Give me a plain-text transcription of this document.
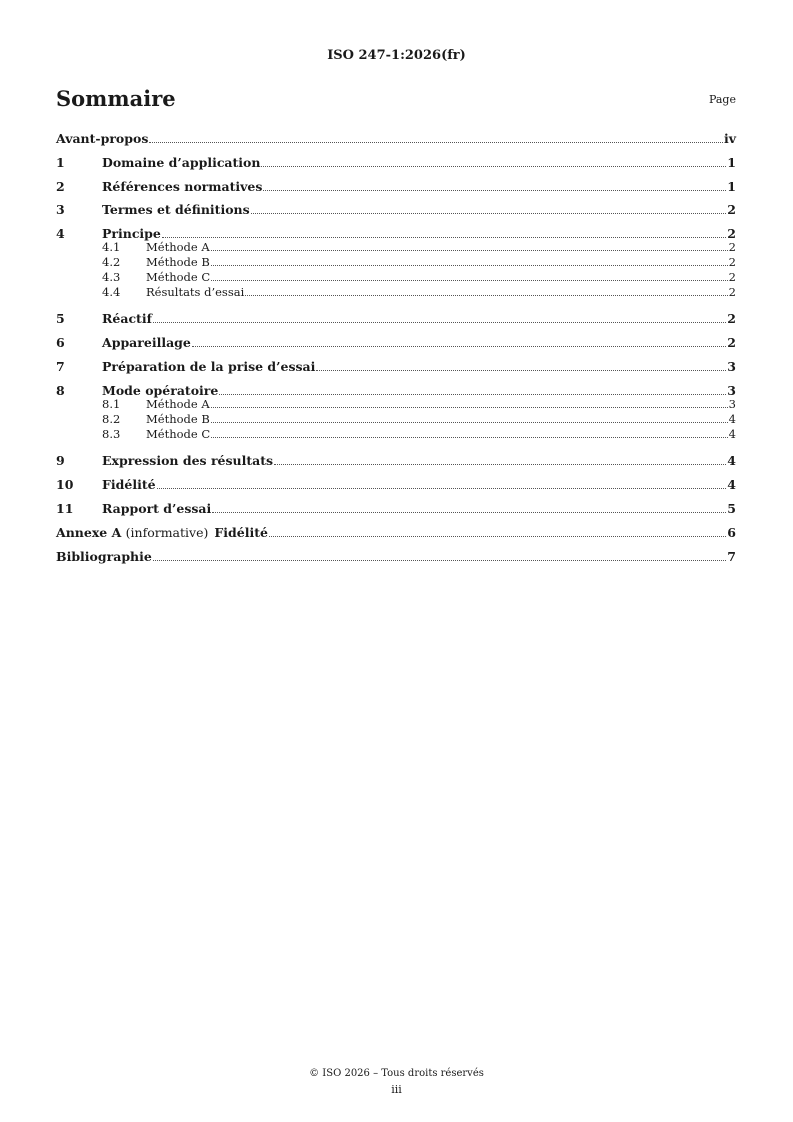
ISO 247-1:2026(fr)
Sommaire	Page
Avant-propos	iv
1	Domaine d’application	1
2	Références normatives	1
3	Termes et définitions	2
4	Principe	2
4.1	Méthode A	2
4.2	Méthode B	2
4.3	Méthode C	2
4.4	Résultats d’essai	2
5	Réactif	2
6	Appareillage	2
7	Préparation de la prise d’essai	3
8	Mode opératoire	3
8.1	Méthode A	3
8.2	Méthode B	4
8.3	Méthode C	4
9	Expression des résultats	4
10	Fidélité	4
11	Rapport d’essai	5
Annexe A (informative) Fidélité	6
Bibliographie	7
© ISO 2026 – Tous droits réservés
iii
